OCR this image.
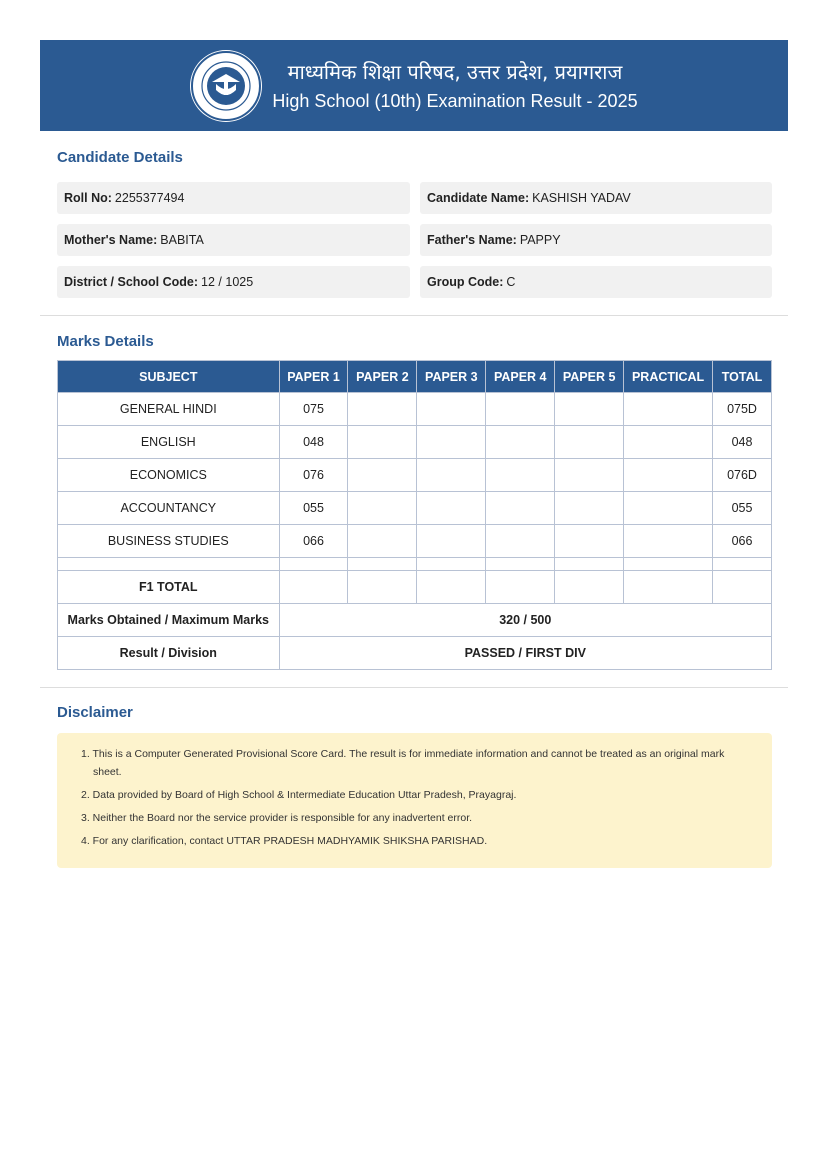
माध्यमिक शिक्षा परिषद, उत्तर प्रदेश, प्रयागराज
High School (10th) Examination Result - 2025
Candidate Details
Roll No: 2255377494	Candidate Name: KASHISH YADAV
Mother's Name: BABITA	Father's Name: PAPPY
District / School Code: 12 / 1025	Group Code: C
Marks Details
SUBJECT	PAPER 1	PAPER 2	PAPER 3	PAPER 4	PAPER 5	PRACTICAL	TOTAL
GENERAL HINDI	075						075D
ENGLISH	048						048
ECONOMICS	076						076D
ACCOUNTANCY	055						055
BUSINESS STUDIES	066						066

F1 TOTAL							
Marks Obtained / Maximum Marks	320 / 500						
Result / Division	PASSED / FIRST DIV						
Disclaimer
1. This is a Computer Generated Provisional Score Card. The result is for immediate information and cannot be treated as an original mark sheet.
2. Data provided by Board of High School & Intermediate Education Uttar Pradesh, Prayagraj.
3. Neither the Board nor the service provider is responsible for any inadvertent error.
4. For any clarification, contact UTTAR PRADESH MADHYAMIK SHIKSHA PARISHAD.
